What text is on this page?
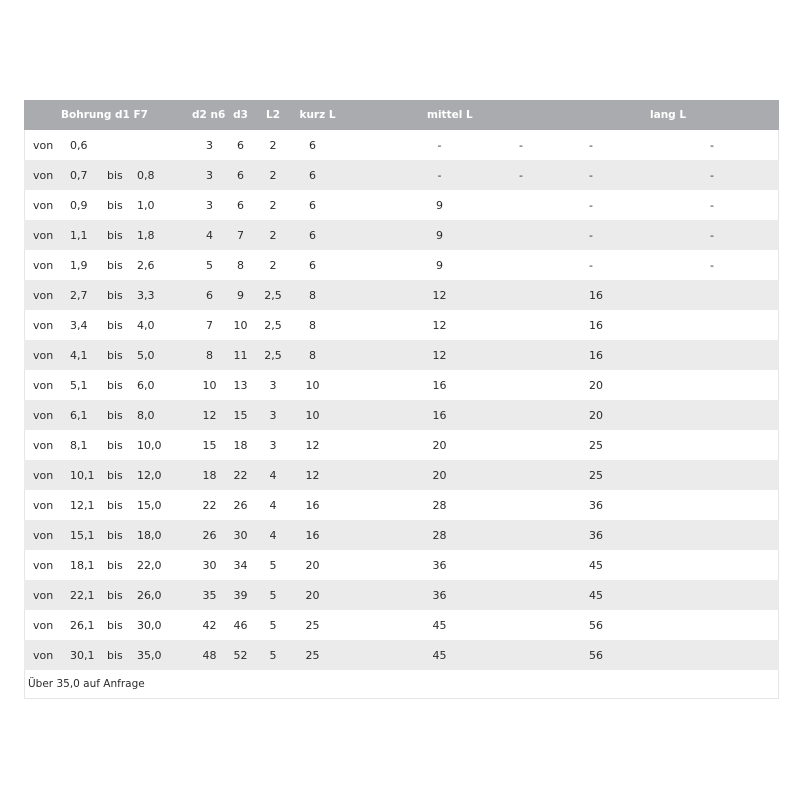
Bohrung d1 F7				d2 n6	d3	L2	kurz L	mittel L		lang L	
von	0,6			3	6	2	6	-	-	-	-
von	0,7	bis	0,8	3	6	2	6	-	-	-	-
von	0,9	bis	1,0	3	6	2	6	9		-	-
von	1,1	bis	1,8	4	7	2	6	9		-	-
von	1,9	bis	2,6	5	8	2	6	9		-	-
von	2,7	bis	3,3	6	9	2,5	8	12		16	
von	3,4	bis	4,0	7	10	2,5	8	12		16	
von	4,1	bis	5,0	8	11	2,5	8	12		16	
von	5,1	bis	6,0	10	13	3	10	16		20	
von	6,1	bis	8,0	12	15	3	10	16		20	
von	8,1	bis	10,0	15	18	3	12	20		25	
von	10,1	bis	12,0	18	22	4	12	20		25	
von	12,1	bis	15,0	22	26	4	16	28		36	
von	15,1	bis	18,0	26	30	4	16	28		36	
von	18,1	bis	22,0	30	34	5	20	36		45	
von	22,1	bis	26,0	35	39	5	20	36		45	
von	26,1	bis	30,0	42	46	5	25	45		56	
von	30,1	bis	35,0	48	52	5	25	45		56	
Über 35,0 auf Anfrage
